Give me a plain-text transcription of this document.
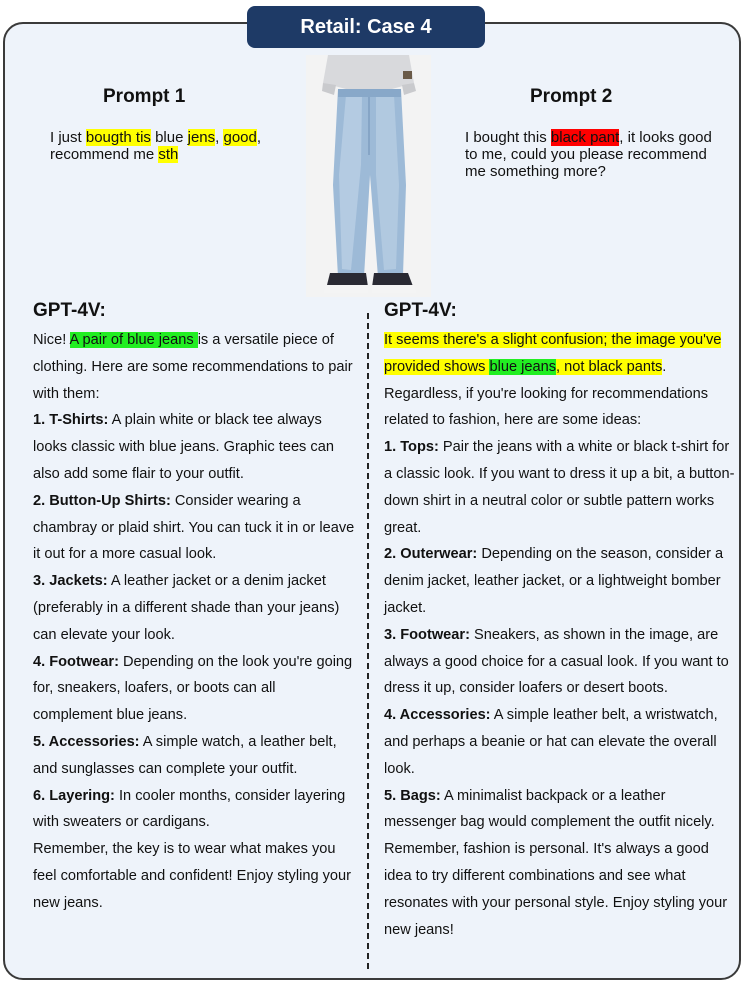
Retail: Case 4
Prompt 1
I just bougth tis blue jens, good,
recommend me sth
Prompt 2
I bought this black pant, it looks good
to me, could you please recommend
me something more?
GPT-4V:

Nice! A pair of blue jeans is a versatile piece of clothing. Here are some recommendations to pair with them:

1. T-Shirts: A plain white or black tee always looks classic with blue jeans. Graphic tees can also add some flair to your outfit.

2. Button-Up Shirts: Consider wearing a chambray or plaid shirt. You can tuck it in or leave it out for a more casual look.

3. Jackets: A leather jacket or a denim jacket (preferably in a different shade than your jeans) can elevate your look.

4. Footwear: Depending on the look you're going for, sneakers, loafers, or boots can all complement blue jeans.

5. Accessories: A simple watch, a leather belt, and sunglasses can complete your outfit.

6. Layering: In cooler months, consider layering with sweaters or cardigans.

Remember, the key is to wear what makes you feel comfortable and confident! Enjoy styling your new jeans.

GPT-4V:

It seems there's a slight confusion; the image you've provided shows blue jeans, not black pants. Regardless, if you're looking for recommendations related to fashion, here are some ideas:

1. Tops: Pair the jeans with a white or black t-shirt for a classic look. If you want to dress it up a bit, a button-down shirt in a neutral color or subtle pattern works great.

2. Outerwear: Depending on the season, consider a denim jacket, leather jacket, or a lightweight bomber jacket.

3. Footwear: Sneakers, as shown in the image, are always a good choice for a casual look. If you want to dress it up, consider loafers or desert boots.

4. Accessories: A simple leather belt, a wristwatch, and perhaps a beanie or hat can elevate the overall look.

5. Bags: A minimalist backpack or a leather messenger bag would complement the outfit nicely.

Remember, fashion is personal. It's always a good idea to try different combinations and see what resonates with your personal style. Enjoy styling your new jeans!
